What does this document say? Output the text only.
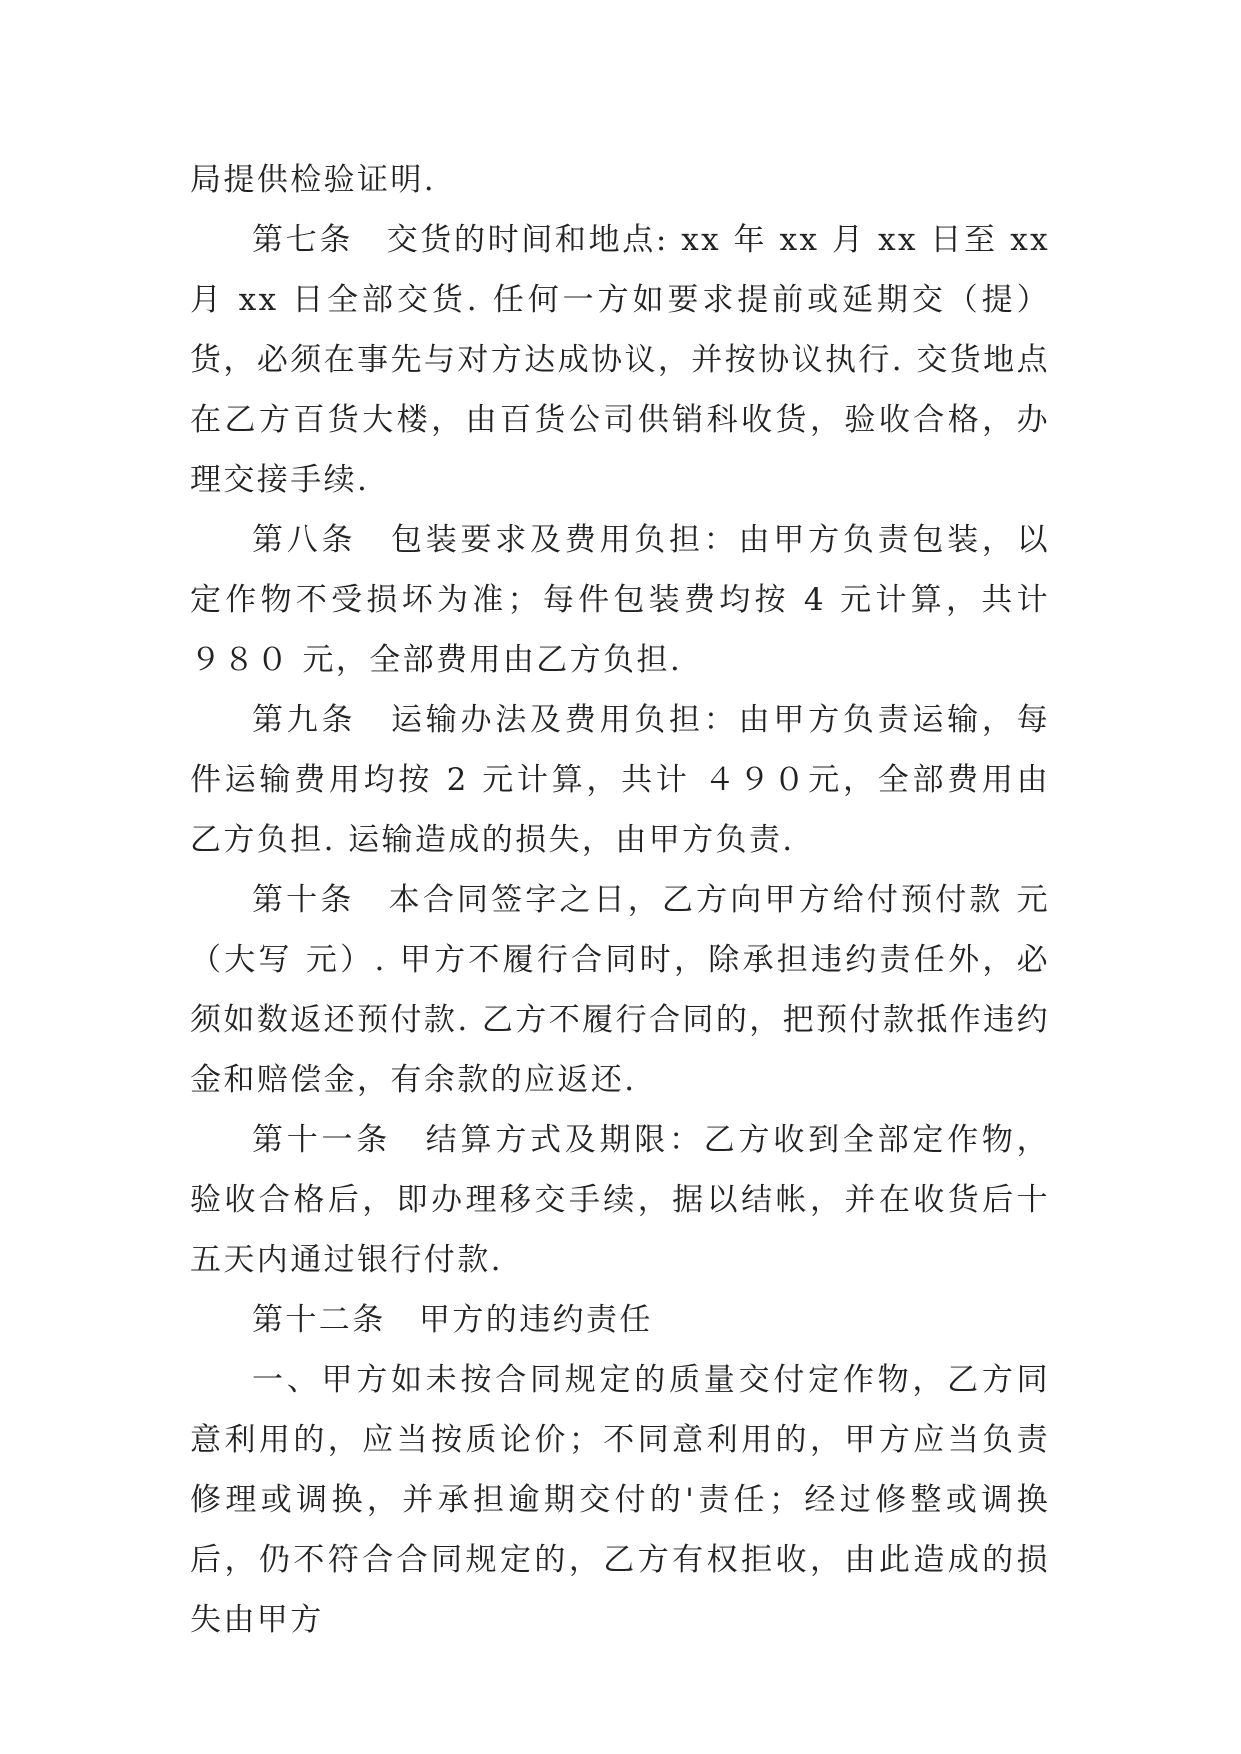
局提供检验证明.

第七条　交货的时间和地点: xx 年 xx 月 xx 日至 xx 月 xx 日全部交货. 任何一方如要求提前或延期交（提）货，必须在事先与对方达成协议，并按协议执行. 交货地点在乙方百货大楼，由百货公司供销科收货，验收合格，办理交接手续.

第八条　包装要求及费用负担：由甲方负责包装，以定作物不受损坏为准；每件包装费均按 4 元计算，共计 ９８０ 元，全部费用由乙方负担.

第九条　运输办法及费用负担：由甲方负责运输，每件运输费用均按 2 元计算，共计 ４９０元，全部费用由乙方负担. 运输造成的损失，由甲方负责.

第十条　本合同签字之日，乙方向甲方给付预付款 元（大写 元）. 甲方不履行合同时，除承担违约责任外，必须如数返还预付款. 乙方不履行合同的，把预付款抵作违约金和赔偿金，有余款的应返还.

第十一条　结算方式及期限：乙方收到全部定作物，验收合格后，即办理移交手续，据以结帐，并在收货后十五天内通过银行付款.

第十二条　甲方的违约责任

一、甲方如未按合同规定的质量交付定作物，乙方同意利用的，应当按质论价；不同意利用的，甲方应当负责修理或调换，并承担逾期交付的'责任；经过修整或调换后，仍不符合合同规定的，乙方有权拒收，由此造成的损失由甲方
